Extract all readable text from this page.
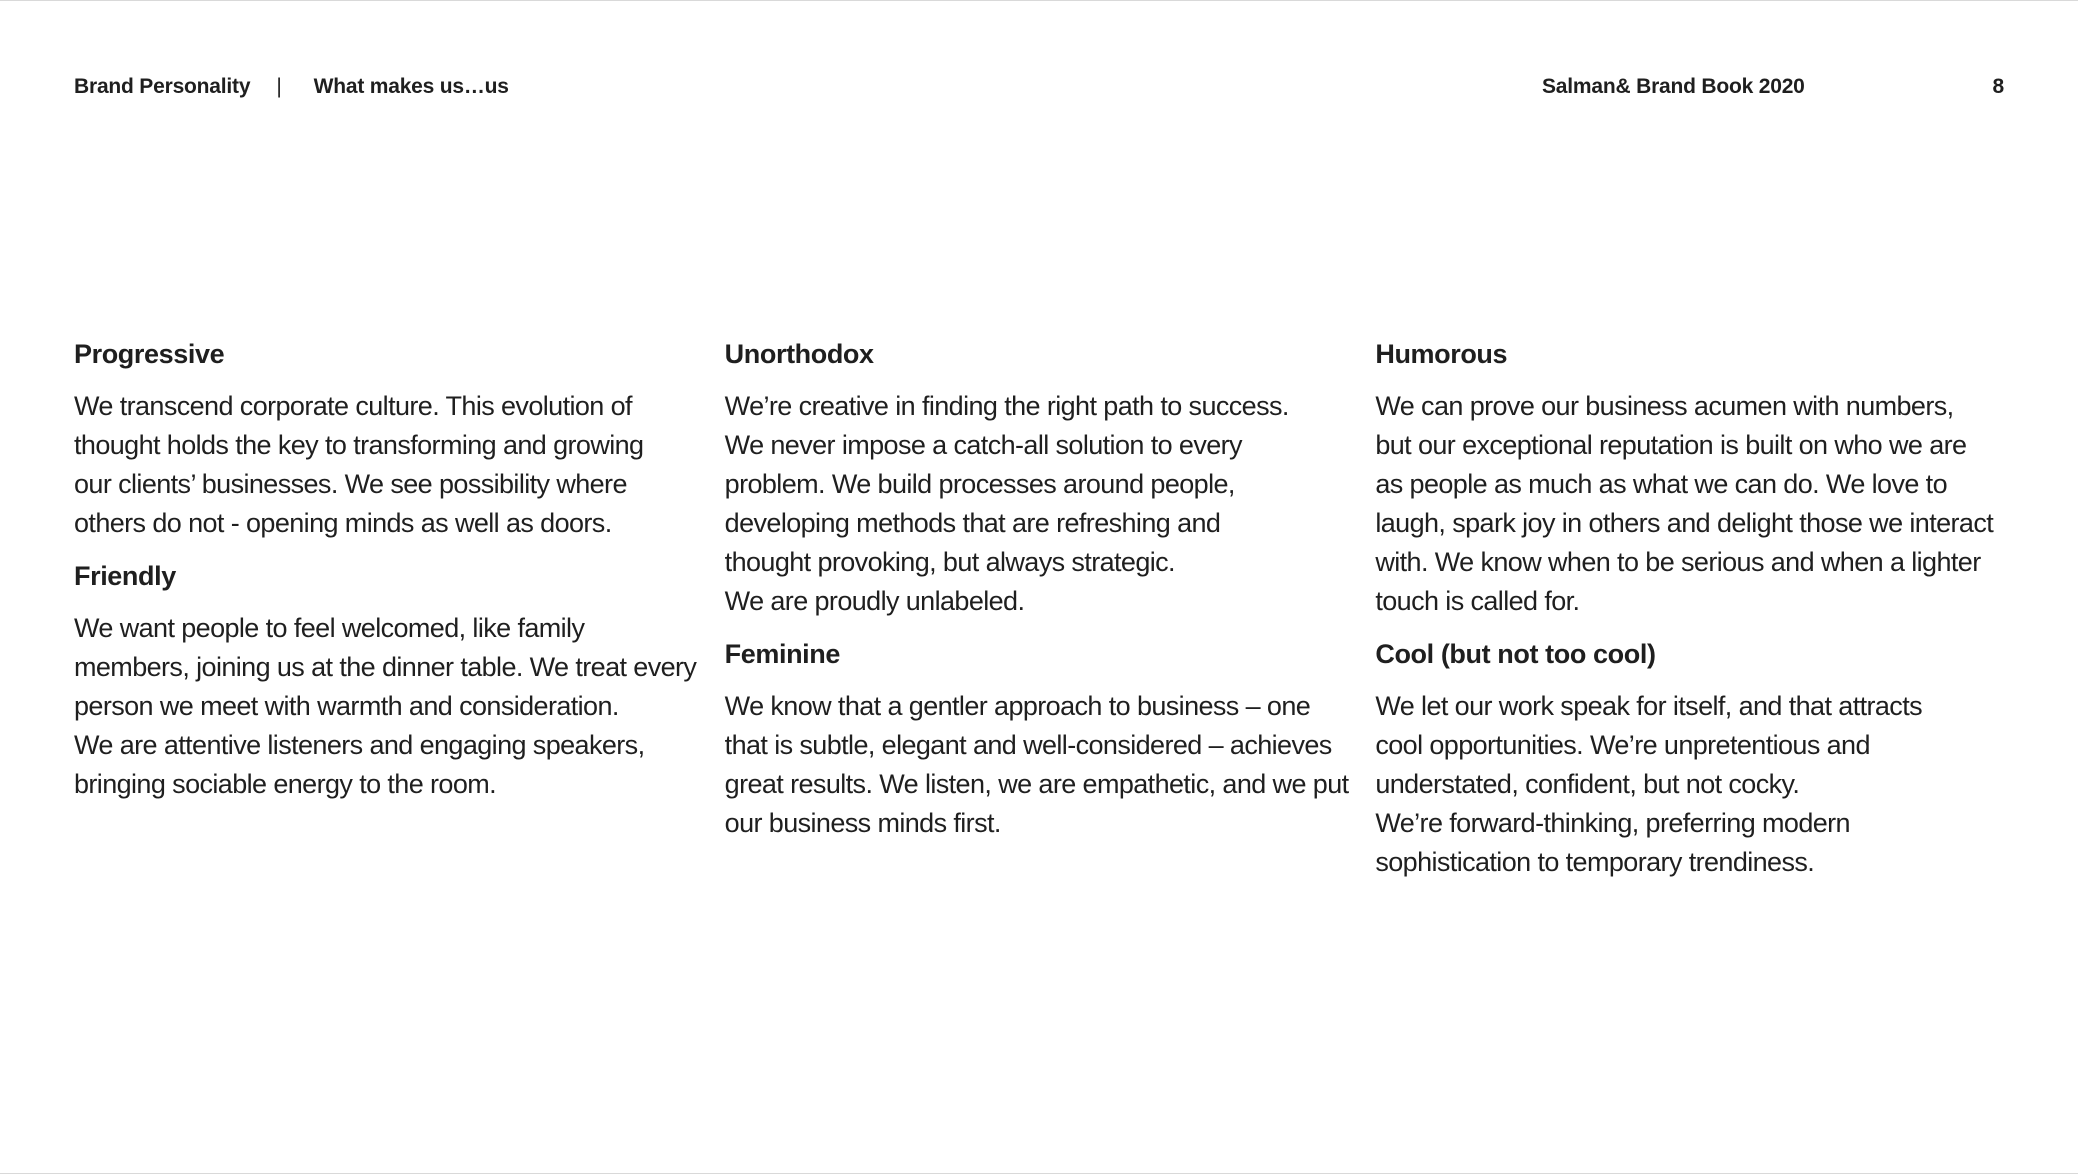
Brand Personality | What makes us…us	Salman& Brand Book 2020	8
Progressive

We transcend corporate culture. This evolution of
thought holds the key to transforming and growing
our clients’ businesses. We see possibility where
others do not - opening minds as well as doors.

Friendly

We want people to feel welcomed, like family
members, joining us at the dinner table. We treat every
person we meet with warmth and consideration.
We are attentive listeners and engaging speakers,
bringing sociable energy to the room.

Unorthodox

We’re creative in finding the right path to success.
We never impose a catch-all solution to every
problem. We build processes around people,
developing methods that are refreshing and
thought provoking, but always strategic.
We are proudly unlabeled.

Feminine

We know that a gentler approach to business – one
that is subtle, elegant and well-considered – achieves
great results. We listen, we are empathetic, and we put
our business minds first.

Humorous

We can prove our business acumen with numbers,
but our exceptional reputation is built on who we are
as people as much as what we can do. We love to
laugh, spark joy in others and delight those we interact
with. We know when to be serious and when a lighter
touch is called for.

Cool (but not too cool)

We let our work speak for itself, and that attracts
cool opportunities. We’re unpretentious and
understated, confident, but not cocky.
We’re forward-thinking, preferring modern
sophistication to temporary trendiness.
